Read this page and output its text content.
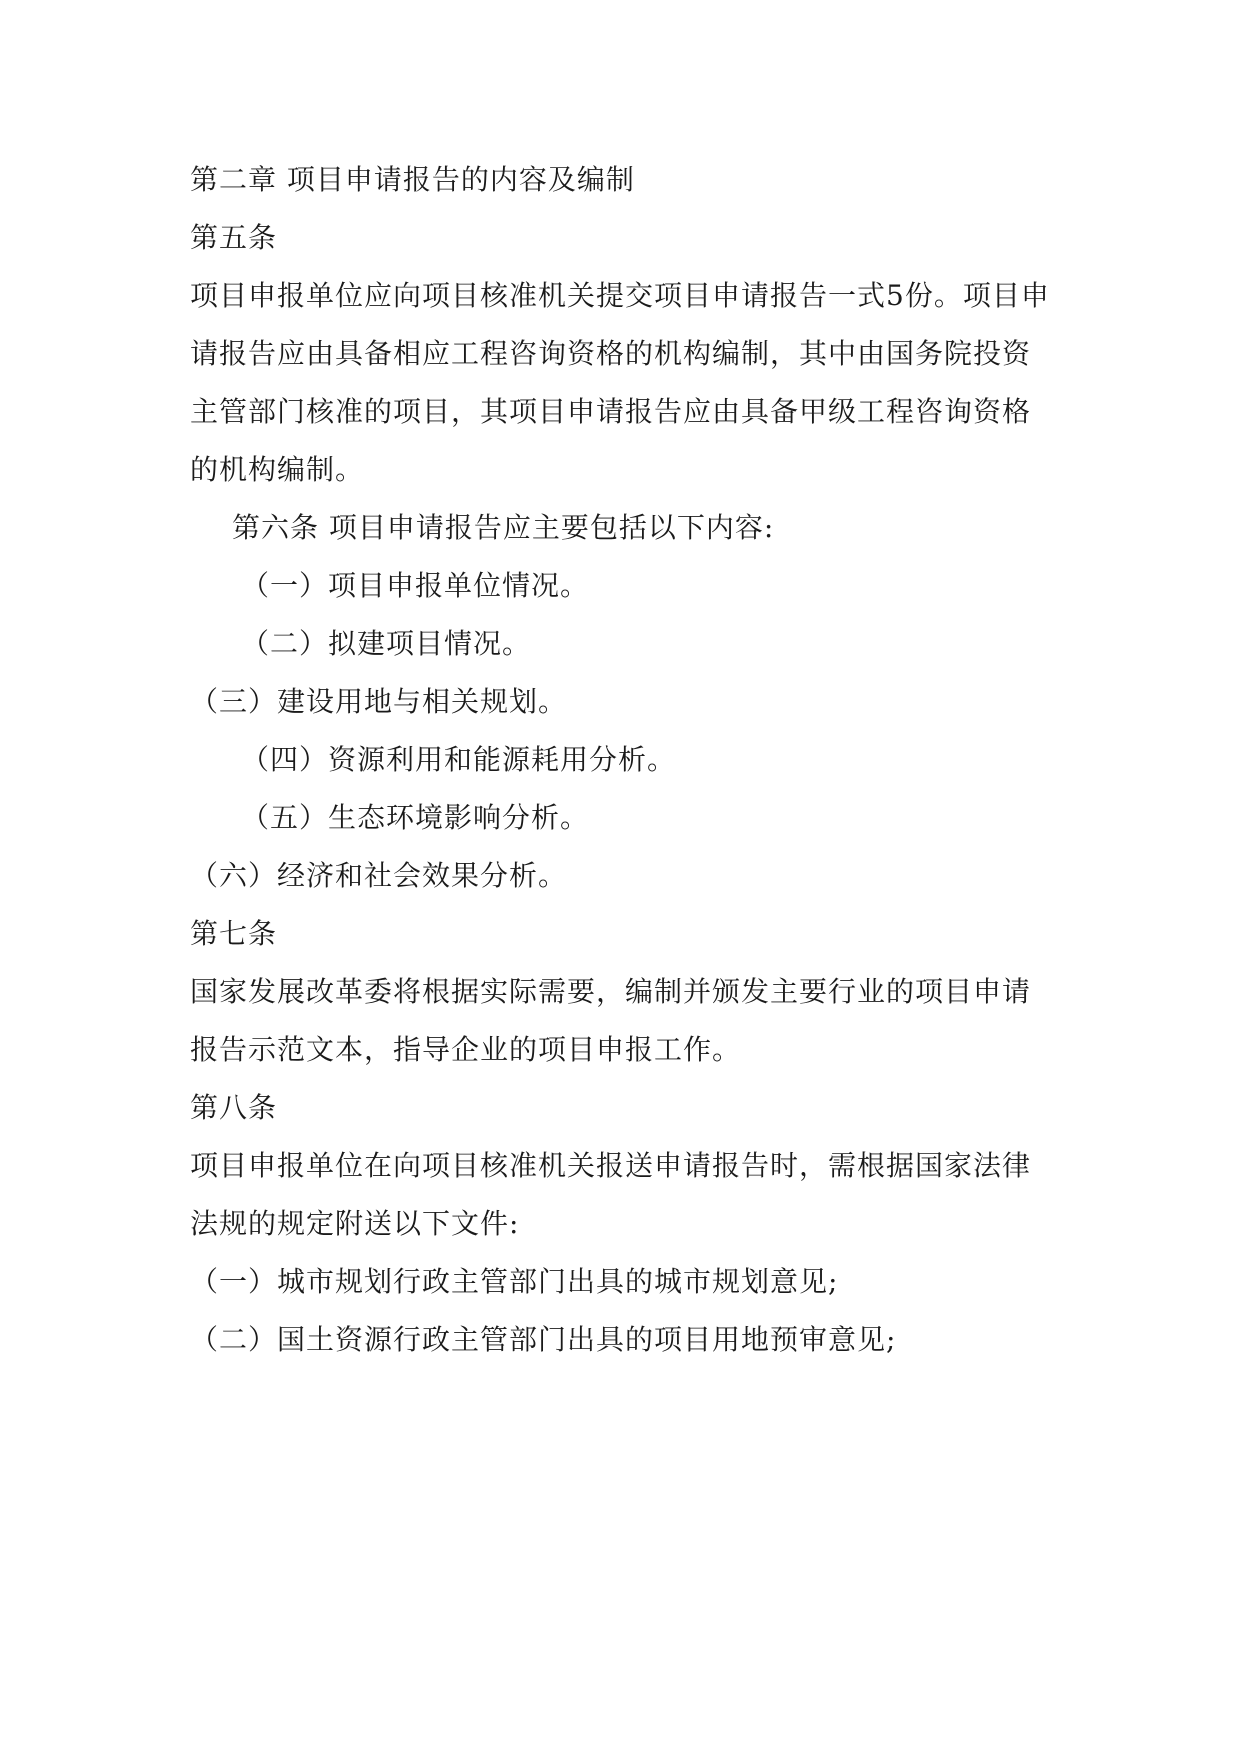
第二章 项目申请报告的内容及编制
第五条
项目申报单位应向项目核准机关提交项目申请报告一式5份。项目申
请报告应由具备相应工程咨询资格的机构编制，其中由国务院投资
主管部门核准的项目，其项目申请报告应由具备甲级工程咨询资格
的机构编制。
第六条 项目申请报告应主要包括以下内容:
（一）项目申报单位情况。
（二）拟建项目情况。
（三）建设用地与相关规划。
（四）资源利用和能源耗用分析。
（五）生态环境影响分析。
（六）经济和社会效果分析。
第七条
国家发展改革委将根据实际需要，编制并颁发主要行业的项目申请
报告示范文本，指导企业的项目申报工作。
第八条
项目申报单位在向项目核准机关报送申请报告时，需根据国家法律
法规的规定附送以下文件:
（一）城市规划行政主管部门出具的城市规划意见;
（二）国土资源行政主管部门出具的项目用地预审意见;
